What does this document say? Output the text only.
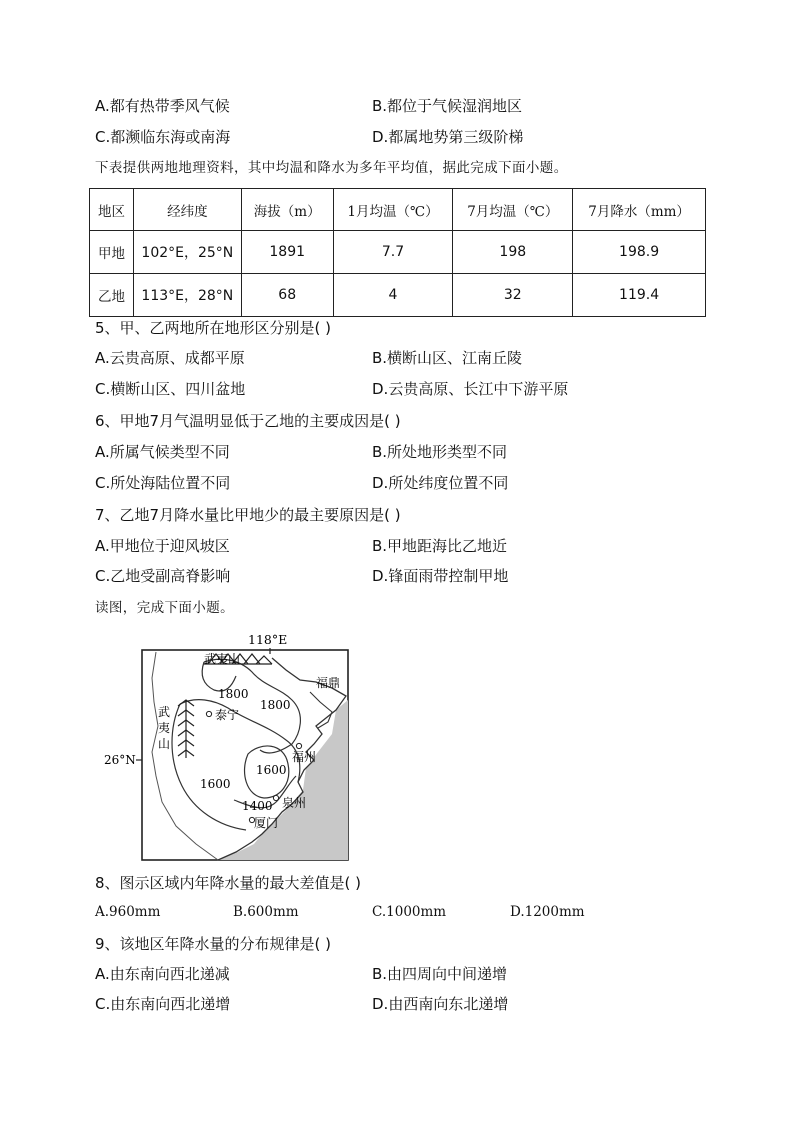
A.都有热带季风气候	B.都位于气候湿润地区
C.都濒临东海或南海	D.都属地势第三级阶梯
下表提供两地地理资料，其中均温和降水为多年平均值，据此完成下面小题。
地区	经纬度	海拔（m）	1月均温（℃）	7月均温（℃）	7月降水（mm）
甲地	102°E，25°N	1891	7.7	198	198.9
乙地	113°E，28°N	68	4	32	119.4
5、甲、乙两地所在地形区分别是( )
A.云贵高原、成都平原	B.横断山区、江南丘陵
C.横断山区、四川盆地	D.云贵高原、长江中下游平原
6、甲地7月气温明显低于乙地的主要成因是( )
A.所属气候类型不同	B.所处地形类型不同
C.所处海陆位置不同	D.所处纬度位置不同
7、乙地7月降水量比甲地少的最主要原因是( )
A.甲地位于迎风坡区	B.甲地距海比乙地近
C.乙地受副高脊影响	D.锋面雨带控制甲地
读图，完成下面小题。
118°E
26°N
武夷山
武
夷
山
泰宁
福鼎
福州
泉州
厦门
1800
1800
1600
1600
1400
8、图示区域内年降水量的最大差值是( )
A.960mm	B.600mm	C.1000mm	D.1200mm
9、该地区年降水量的分布规律是( )
A.由东南向西北递减	B.由四周向中间递增
C.由东南向西北递增	D.由西南向东北递增
